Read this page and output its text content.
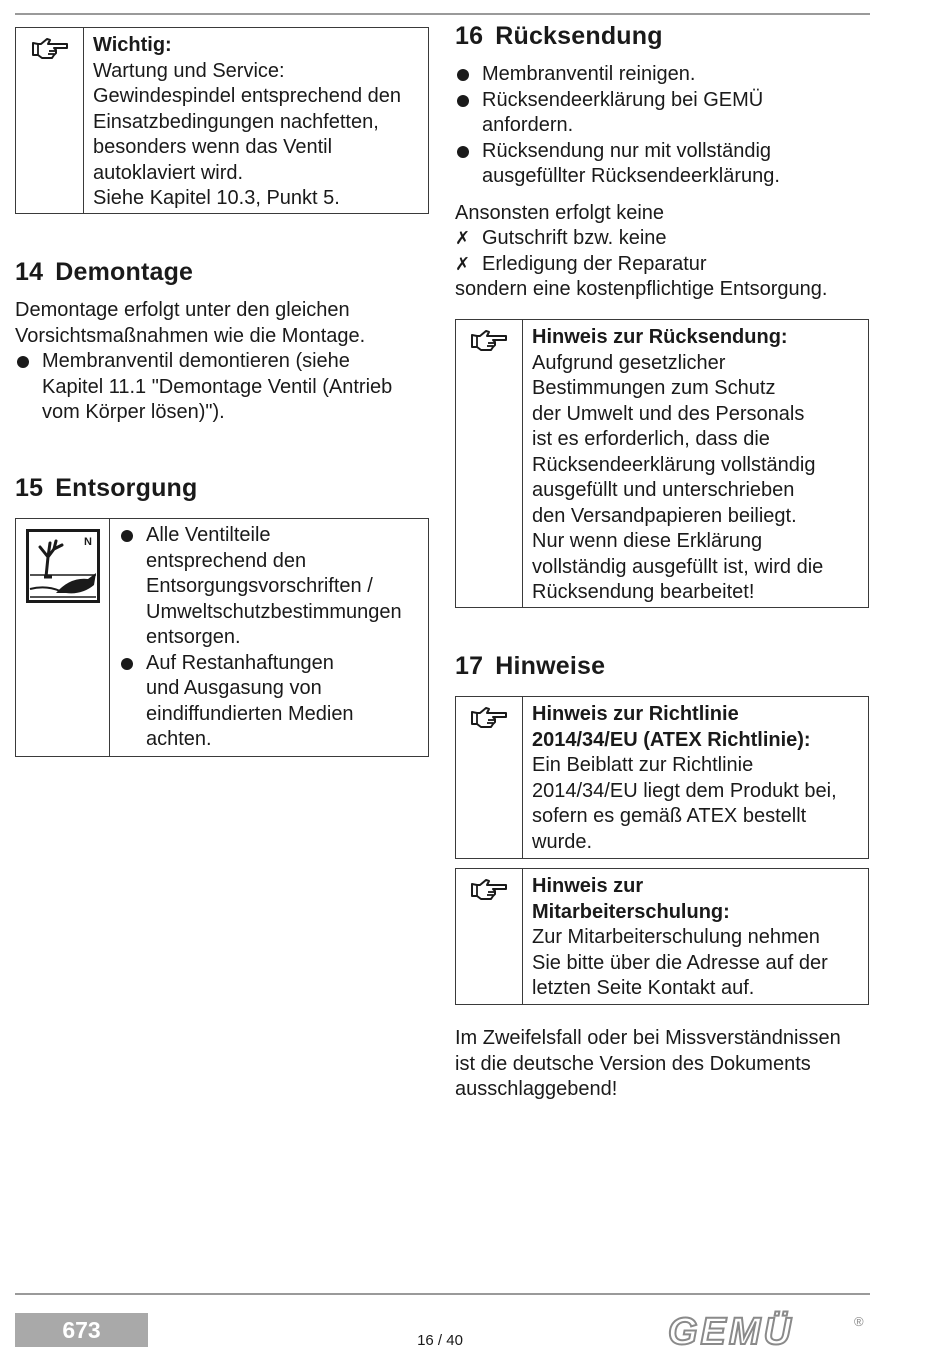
Wichtig:

Wartung und Service:

Gewindespindel entsprechend den

Einsatzbedingungen nachfetten,

besonders wenn das Ventil

autoklaviert wird.

Siehe Kapitel 10.3, Punkt 5.

14 Demontage

Demontage erfolgt unter den gleichen

Vorsichtsmaßnahmen wie die Montage.

Membranventil demontieren (siehe

Kapitel 11.1 "Demontage Ventil (Antrieb

vom Körper lösen)").

15 Entsorgung
N	Alle Ventilteile

entsprechend den

Entsorgungsvorschriften /

Umweltschutzbestimmungen

entsorgen.

Auf Restanhaftungen

und Ausgasung von

eindiffundierten Medien

achten.

16 Rücksendung

Membranventil reinigen.

Rücksendeerklärung bei GEMÜ

anfordern.

Rücksendung nur mit vollständig

ausgefüllter Rücksendeerklärung.

Ansonsten erfolgt keine

✗ Gutschrift bzw. keine

✗ Erledigung der Reparatur

sondern eine kostenpflichtige Entsorgung.

Hinweis zur Rücksendung:

Aufgrund gesetzlicher

Bestimmungen zum Schutz

der Umwelt und des Personals

ist es erforderlich, dass die

Rücksendeerklärung vollständig

ausgefüllt und unterschrieben

den Versandpapieren beiliegt.

Nur wenn diese Erklärung

vollständig ausgefüllt ist, wird die

Rücksendung bearbeitet!

17 Hinweise

Hinweis zur Richtlinie

2014/34/EU (ATEX Richtlinie):

Ein Beiblatt zur Richtlinie

2014/34/EU liegt dem Produkt bei,

sofern es gemäß ATEX bestellt

wurde.

Hinweis zur

Mitarbeiterschulung:

Zur Mitarbeiterschulung nehmen

Sie bitte über die Adresse auf der

letzten Seite Kontakt auf.

Im Zweifelsfall oder bei Missverständnissen

ist die deutsche Version des Dokuments

ausschlaggebend!

673	16 / 40	GEMÜ	®
